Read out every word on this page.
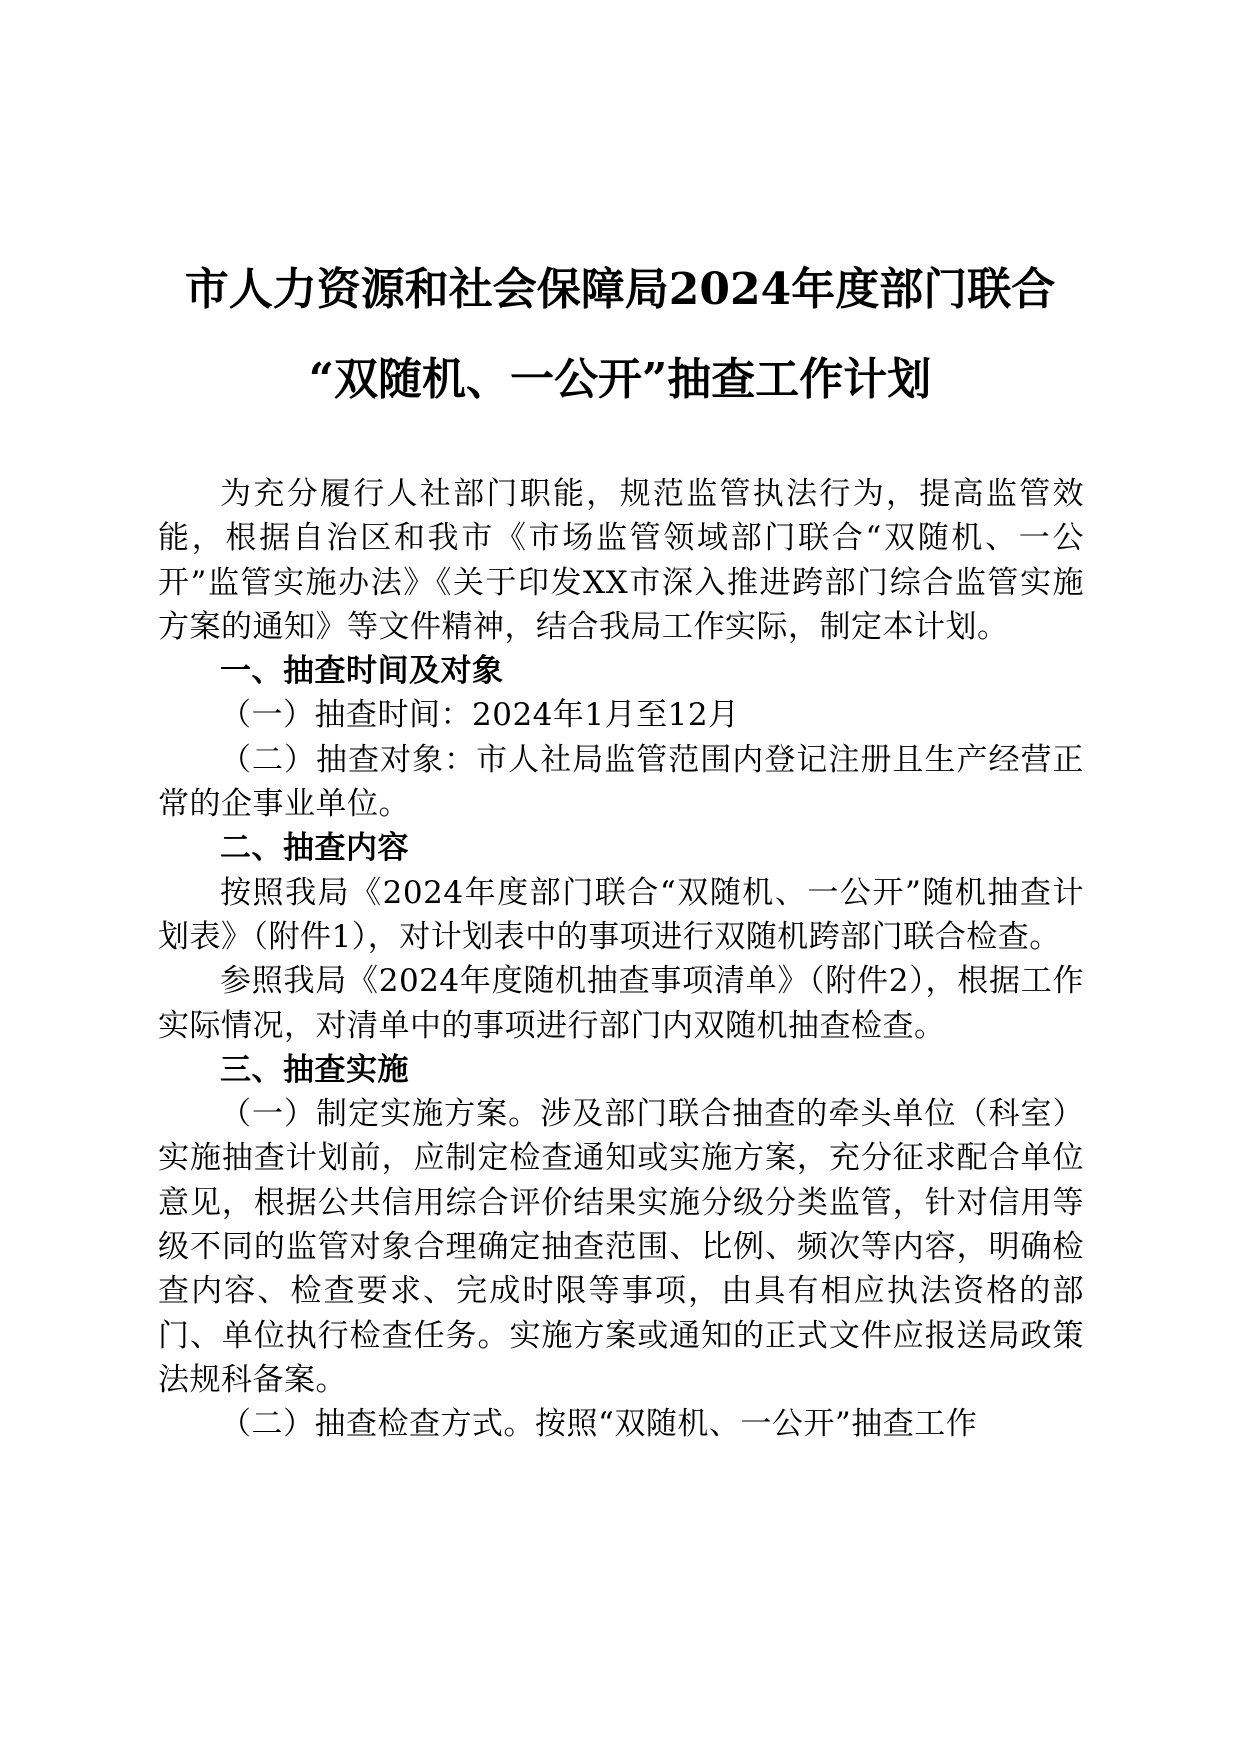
市人力资源和社会保障局2024年度部门联合
“双随机、一公开”抽查工作计划

为充分履行人社部门职能，规范监管执法行为，提高监管效能，根据自治区和我市《市场监管领域部门联合“双随机、一公开”监管实施办法》《关于印发XX市深入推进跨部门综合监管实施方案的通知》等文件精神，结合我局工作实际，制定本计划。

一、抽查时间及对象

（一）抽查时间：2024年1月至12月

（二）抽查对象：市人社局监管范围内登记注册且生产经营正常的企事业单位。

二、抽查内容

按照我局《2024年度部门联合“双随机、一公开”随机抽查计划表》（附件1），对计划表中的事项进行双随机跨部门联合检查。

参照我局《2024年度随机抽查事项清单》（附件2），根据工作实际情况，对清单中的事项进行部门内双随机抽查检查。

三、抽查实施

（一）制定实施方案。涉及部门联合抽查的牵头单位（科室）实施抽查计划前，应制定检查通知或实施方案，充分征求配合单位意见，根据公共信用综合评价结果实施分级分类监管，针对信用等级不同的监管对象合理确定抽查范围、比例、频次等内容，明确检查内容、检查要求、完成时限等事项，由具有相应执法资格的部门、单位执行检查任务。实施方案或通知的正式文件应报送局政策法规科备案。

（二）抽查检查方式。按照“双随机、一公开”抽查工作
